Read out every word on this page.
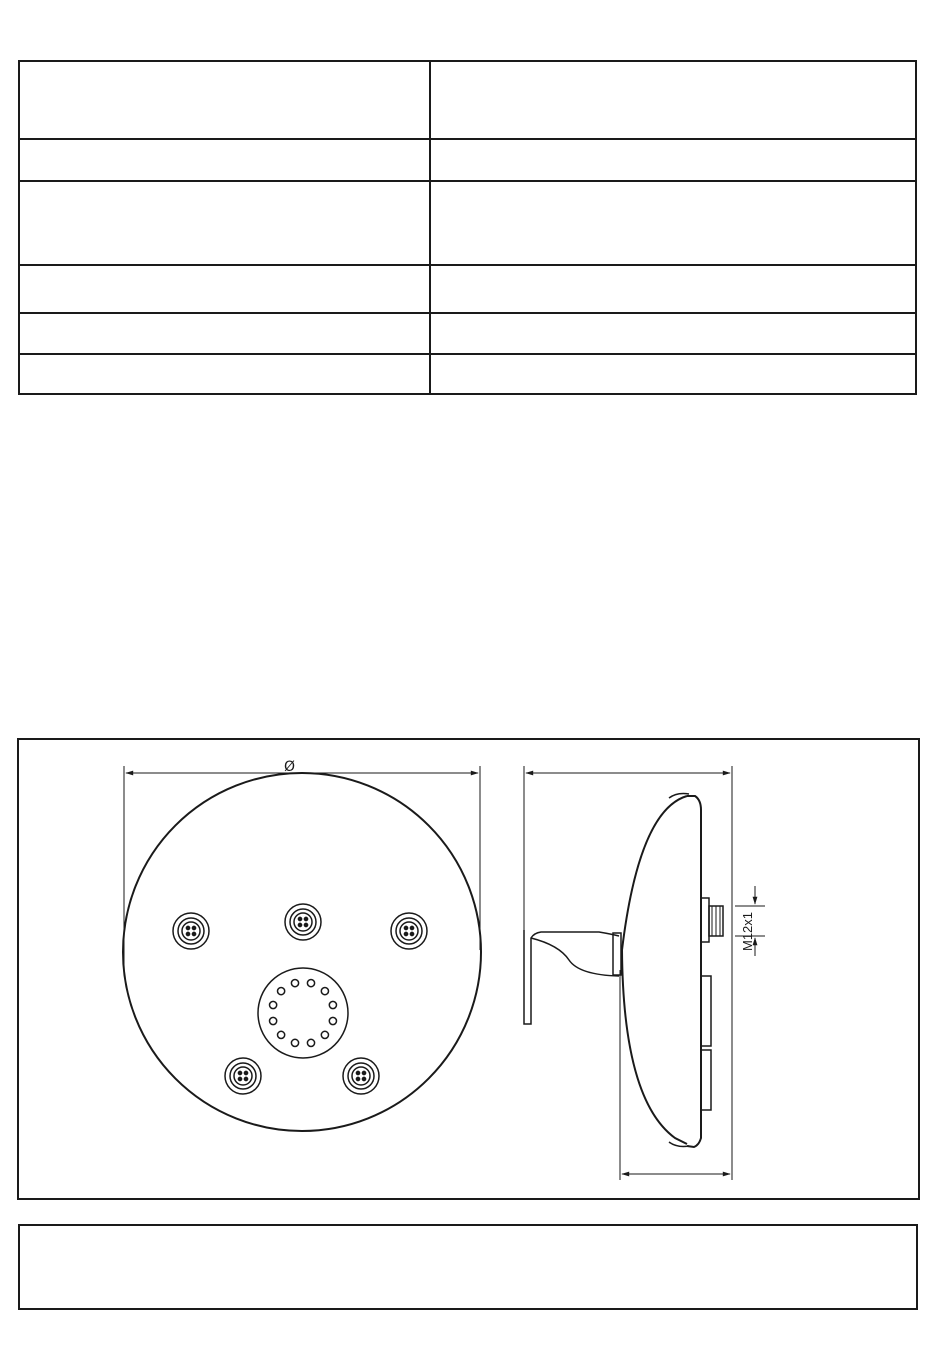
Ø
M12x1
